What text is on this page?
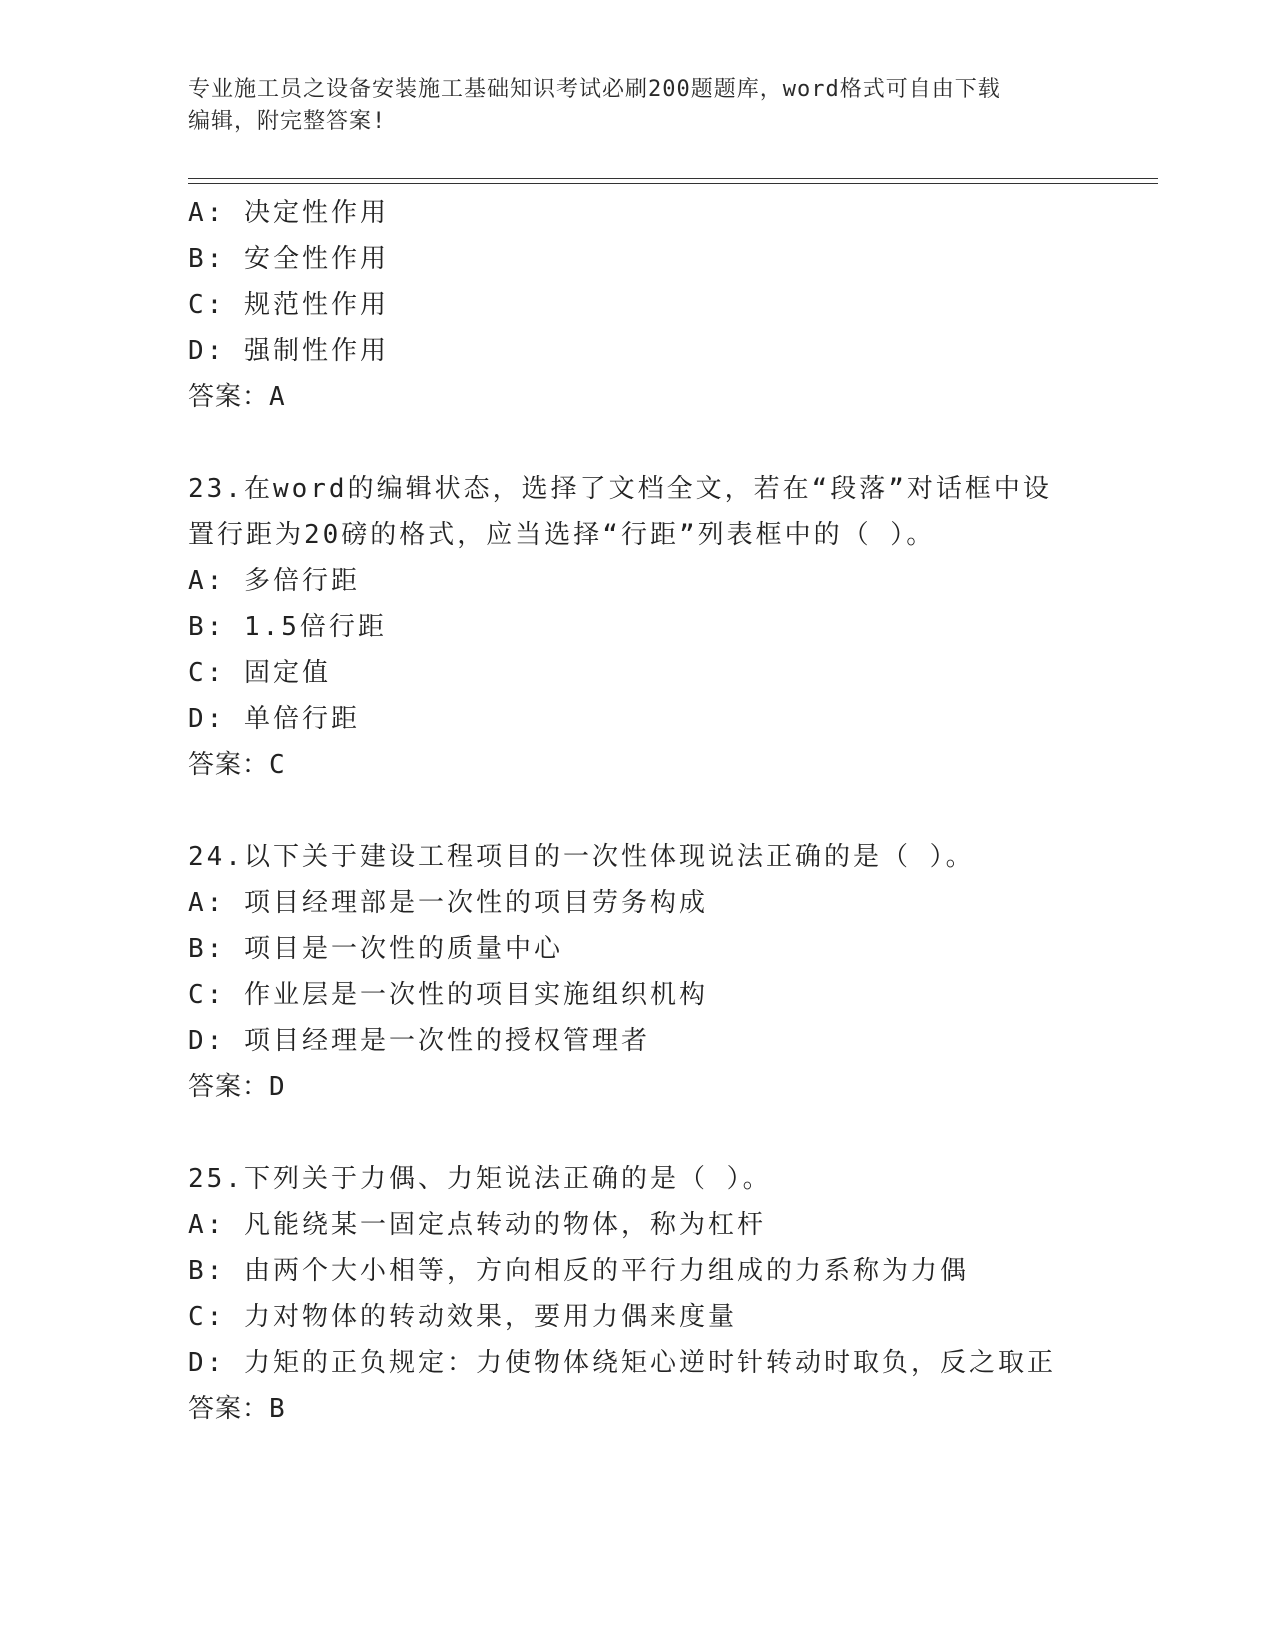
专业施工员之设备安装施工基础知识考试必刷200题题库，word格式可自由下载
编辑，附完整答案!
A: 决定性作用
B: 安全性作用
C: 规范性作用
D: 强制性作用
答案：A
23.在word的编辑状态，选择了文档全文，若在“段落”对话框中设
置行距为20磅的格式，应当选择“行距”列表框中的（ ）。
A: 多倍行距
B: 1.5倍行距
C: 固定值
D: 单倍行距
答案：C
24.以下关于建设工程项目的一次性体现说法正确的是（ ）。
A: 项目经理部是一次性的项目劳务构成
B: 项目是一次性的质量中心
C: 作业层是一次性的项目实施组织机构
D: 项目经理是一次性的授权管理者
答案：D
25.下列关于力偶、力矩说法正确的是（ ）。
A: 凡能绕某一固定点转动的物体，称为杠杆
B: 由两个大小相等，方向相反的平行力组成的力系称为力偶
C: 力对物体的转动效果，要用力偶来度量
D: 力矩的正负规定：力使物体绕矩心逆时针转动时取负，反之取正
答案：B
